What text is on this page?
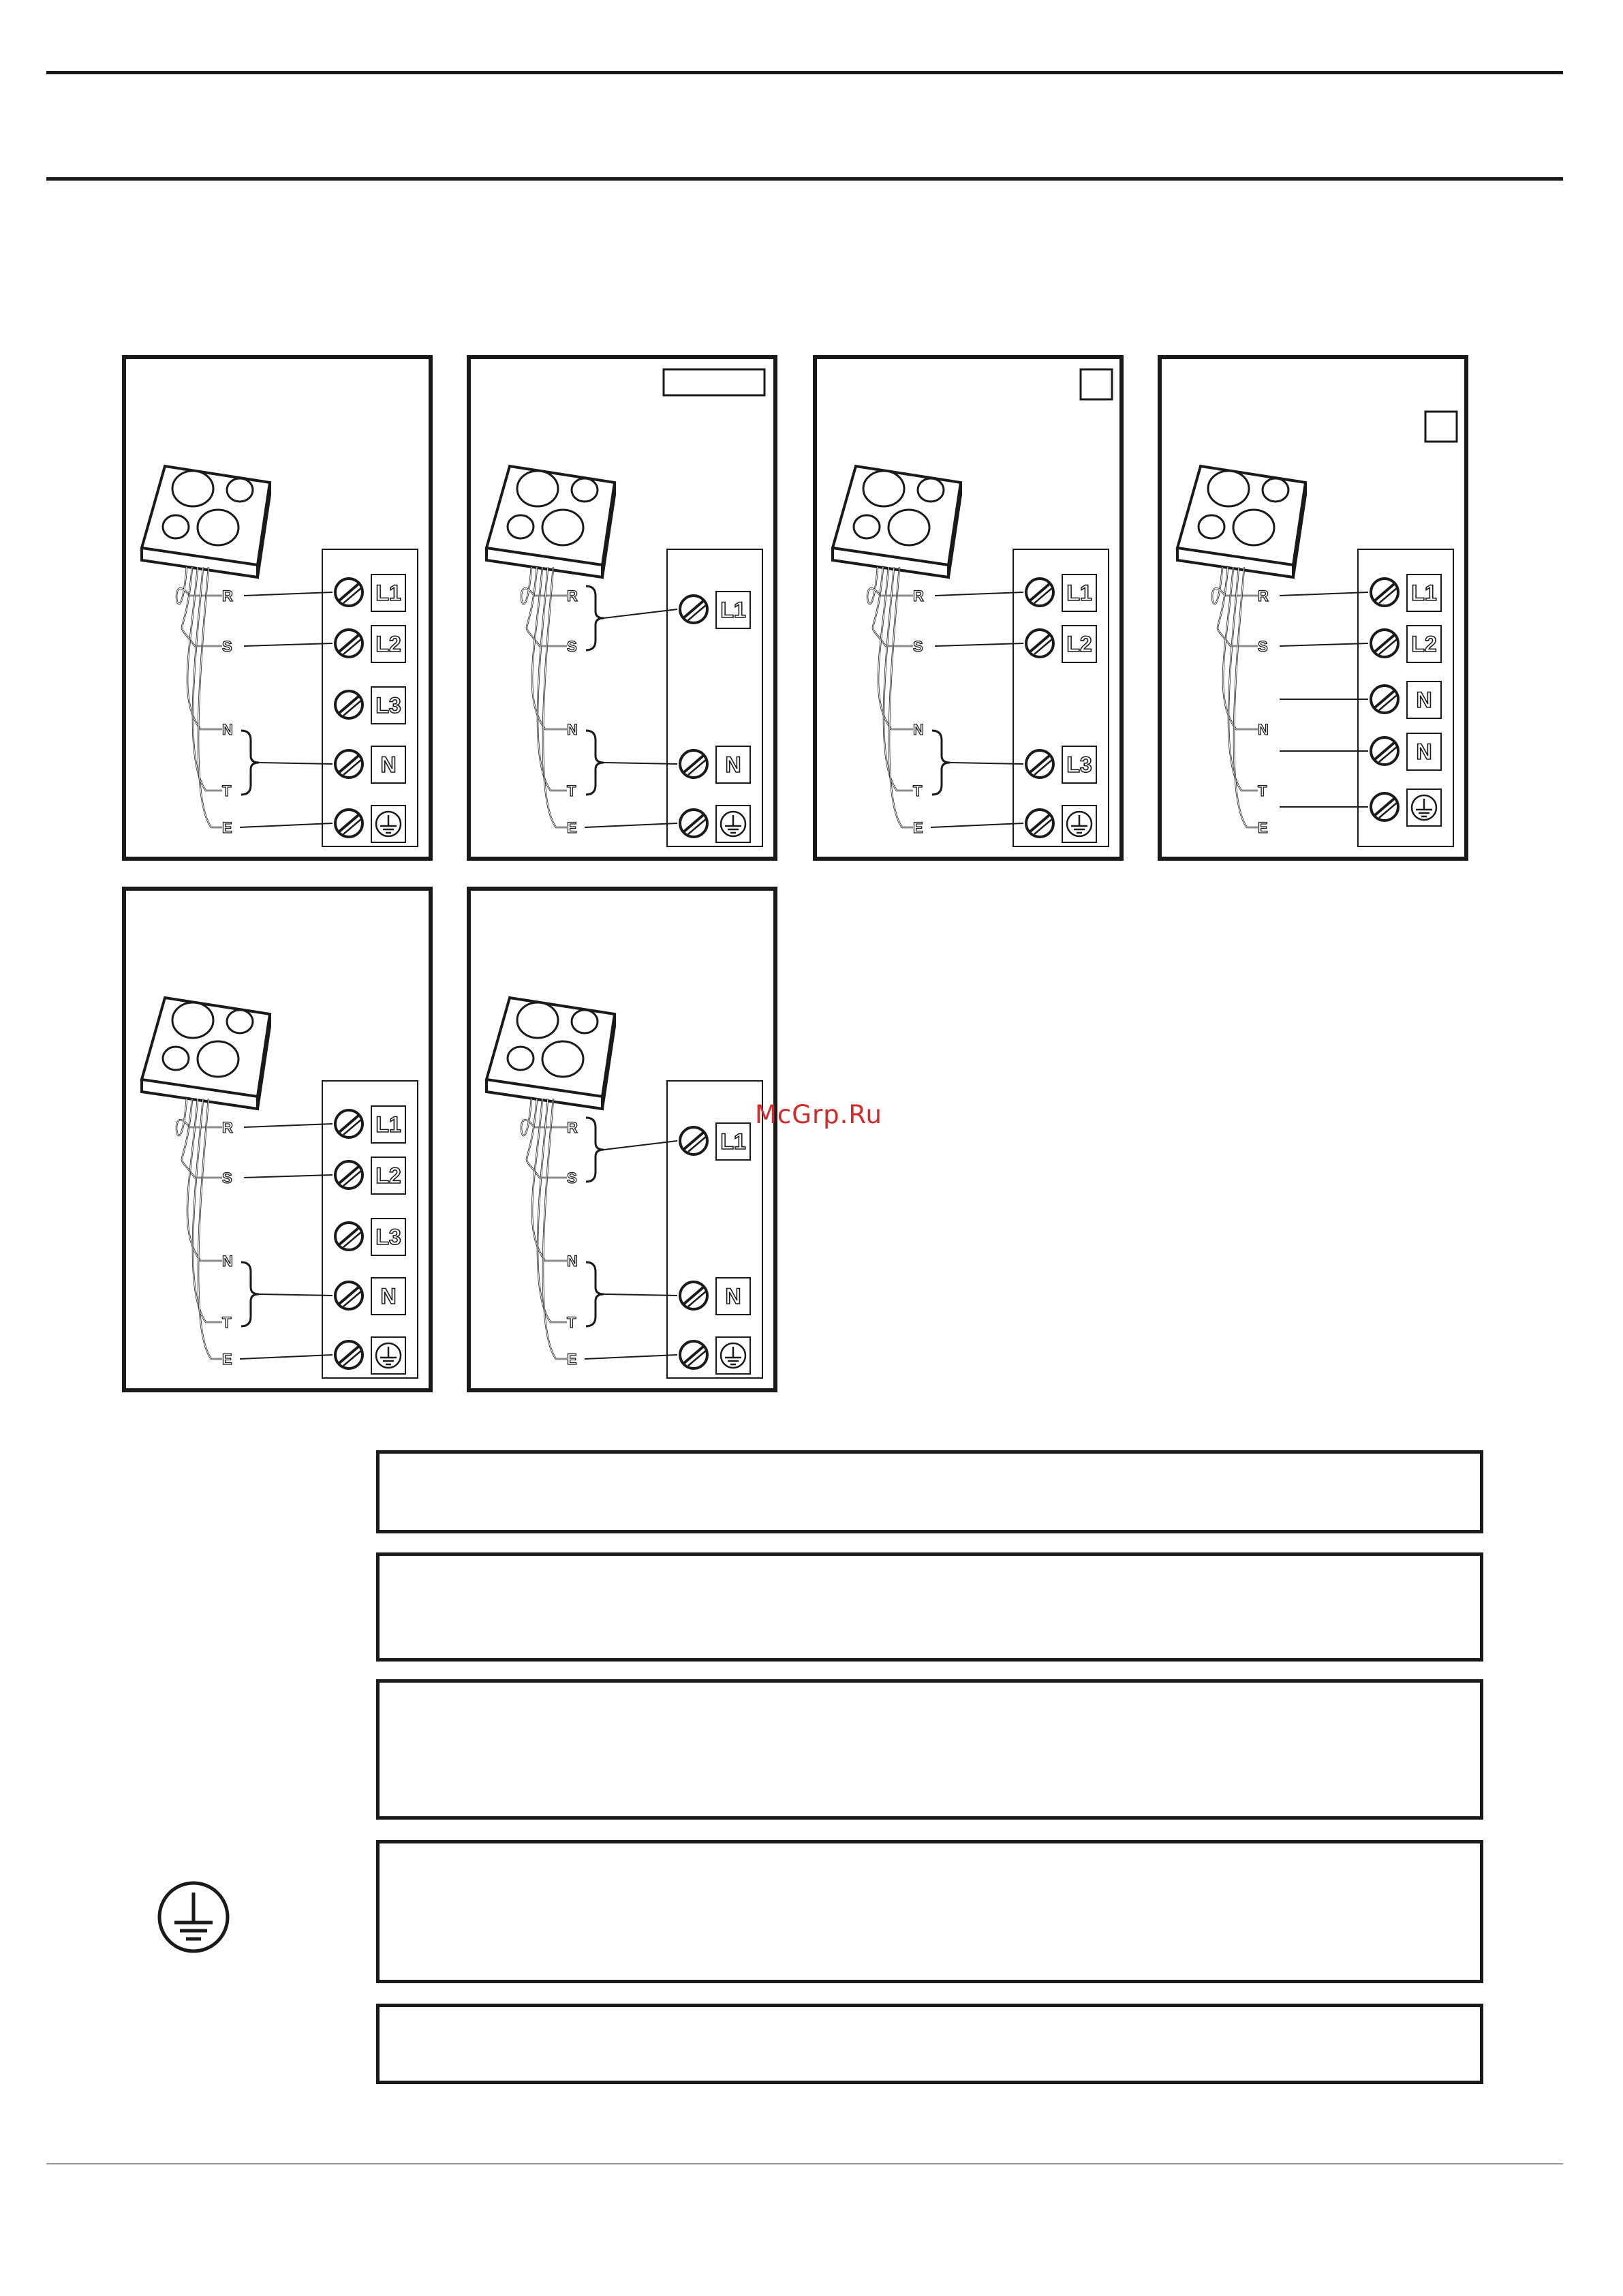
R
S
N
T
E
L1
L2
L3
N
R
S
N
T
E
L1
N
R
S
N
T
E
L1
L2
L3
R
S
N
T
E
L1
L2
N
N
R
S
N
T
E
L1
L2
L3
N
R
S
N
T
E
L1
N
McGrp.Ru
